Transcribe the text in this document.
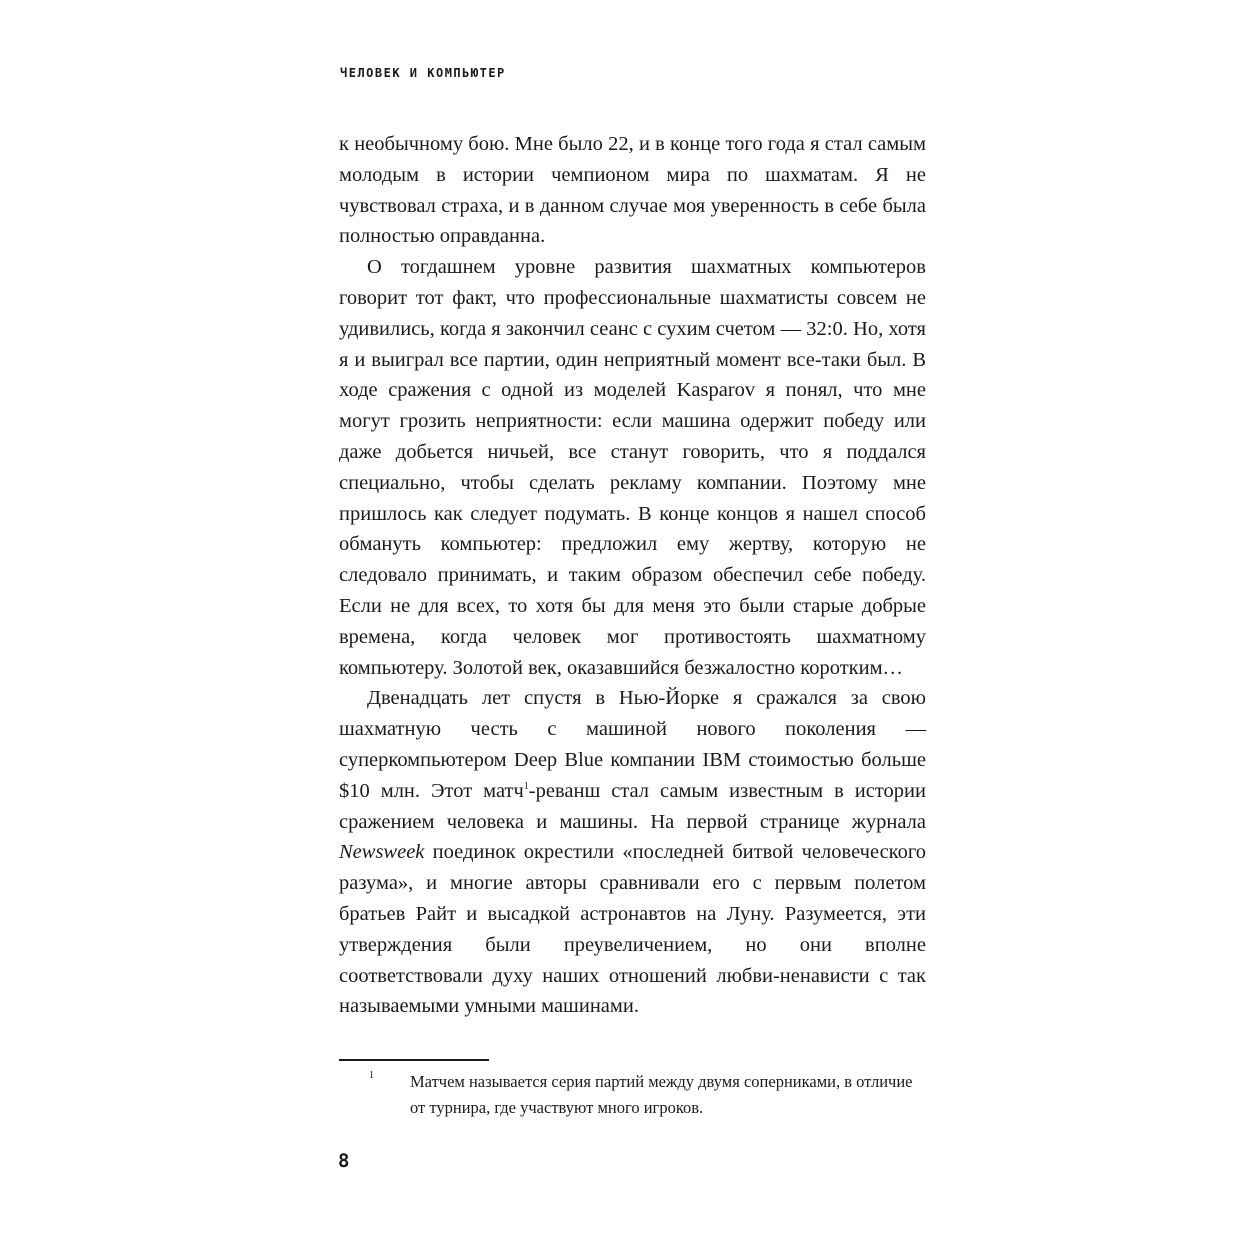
ЧЕЛОВЕК И КОМПЬЮТЕР

к необычному бою. Мне было 22, и в конце того года я стал самым молодым в истории чемпионом мира по шахматам. Я не чувствовал страха, и в данном случае моя уверенность в себе была полностью оправданна.

О тогдашнем уровне развития шахматных компьютеров говорит тот факт, что профессиональные шахматисты совсем не удивились, когда я закончил сеанс с сухим счетом — 32:0. Но, хотя я и выиграл все партии, один неприятный момент все-таки был. В ходе сражения с одной из моделей Kasparov я понял, что мне могут грозить неприятности: если машина одержит победу или даже добьется ничьей, все станут говорить, что я поддался специально, чтобы сделать рекламу компании. Поэтому мне пришлось как следует подумать. В конце концов я нашел способ обмануть компьютер: предложил ему жертву, которую не следовало принимать, и таким образом обеспечил себе победу. Если не для всех, то хотя бы для меня это были старые добрые времена, когда человек мог противостоять шахматному компьютеру. Золотой век, оказавшийся безжалостно коротким…

Двенадцать лет спустя в Нью-Йорке я сражался за свою шахматную честь с машиной нового поколения — суперкомпьютером Deep Blue компании IBM стоимостью больше $10 млн. Этот матч$^1$-реванш стал самым известным в истории сражением человека и машины. На первой странице журнала Newsweek поединок окрестили «последней битвой человеческого разума», и многие авторы сравнивали его с первым полетом братьев Райт и высадкой астронавтов на Луну. Разумеется, эти утверждения были преувеличением, но они вполне соответствовали духу наших отношений любви-ненависти с так называемыми умными машинами.

1 Матчем называется серия партий между двумя соперниками, в отличие от турнира, где участвуют много игроков.
8
